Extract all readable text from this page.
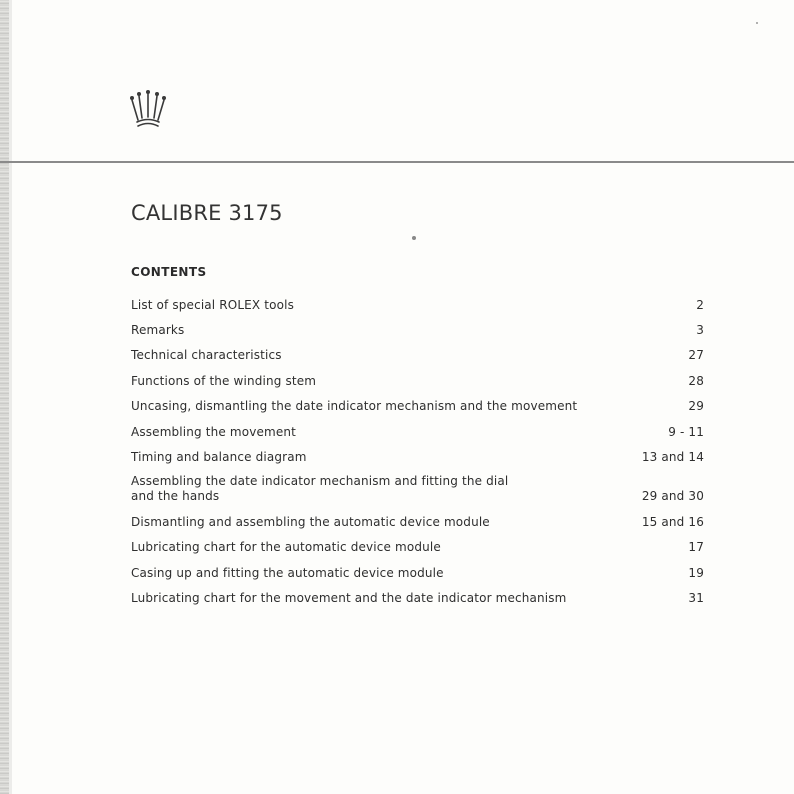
CALIBRE 3175
CONTENTS
List of special ROLEX tools	2
Remarks	3
Technical characteristics	27
Functions of the winding stem	28
Uncasing, dismantling the date indicator mechanism and the movement	29
Assembling the movement	9 - 11
Timing and balance diagram	13 and 14
Assembling the date indicator mechanism and fitting the dial
and the hands	29 and 30
Dismantling and assembling the automatic device module	15 and 16
Lubricating chart for the automatic device module	17
Casing up and fitting the automatic device module	19
Lubricating chart for the movement and the date indicator mechanism	31
